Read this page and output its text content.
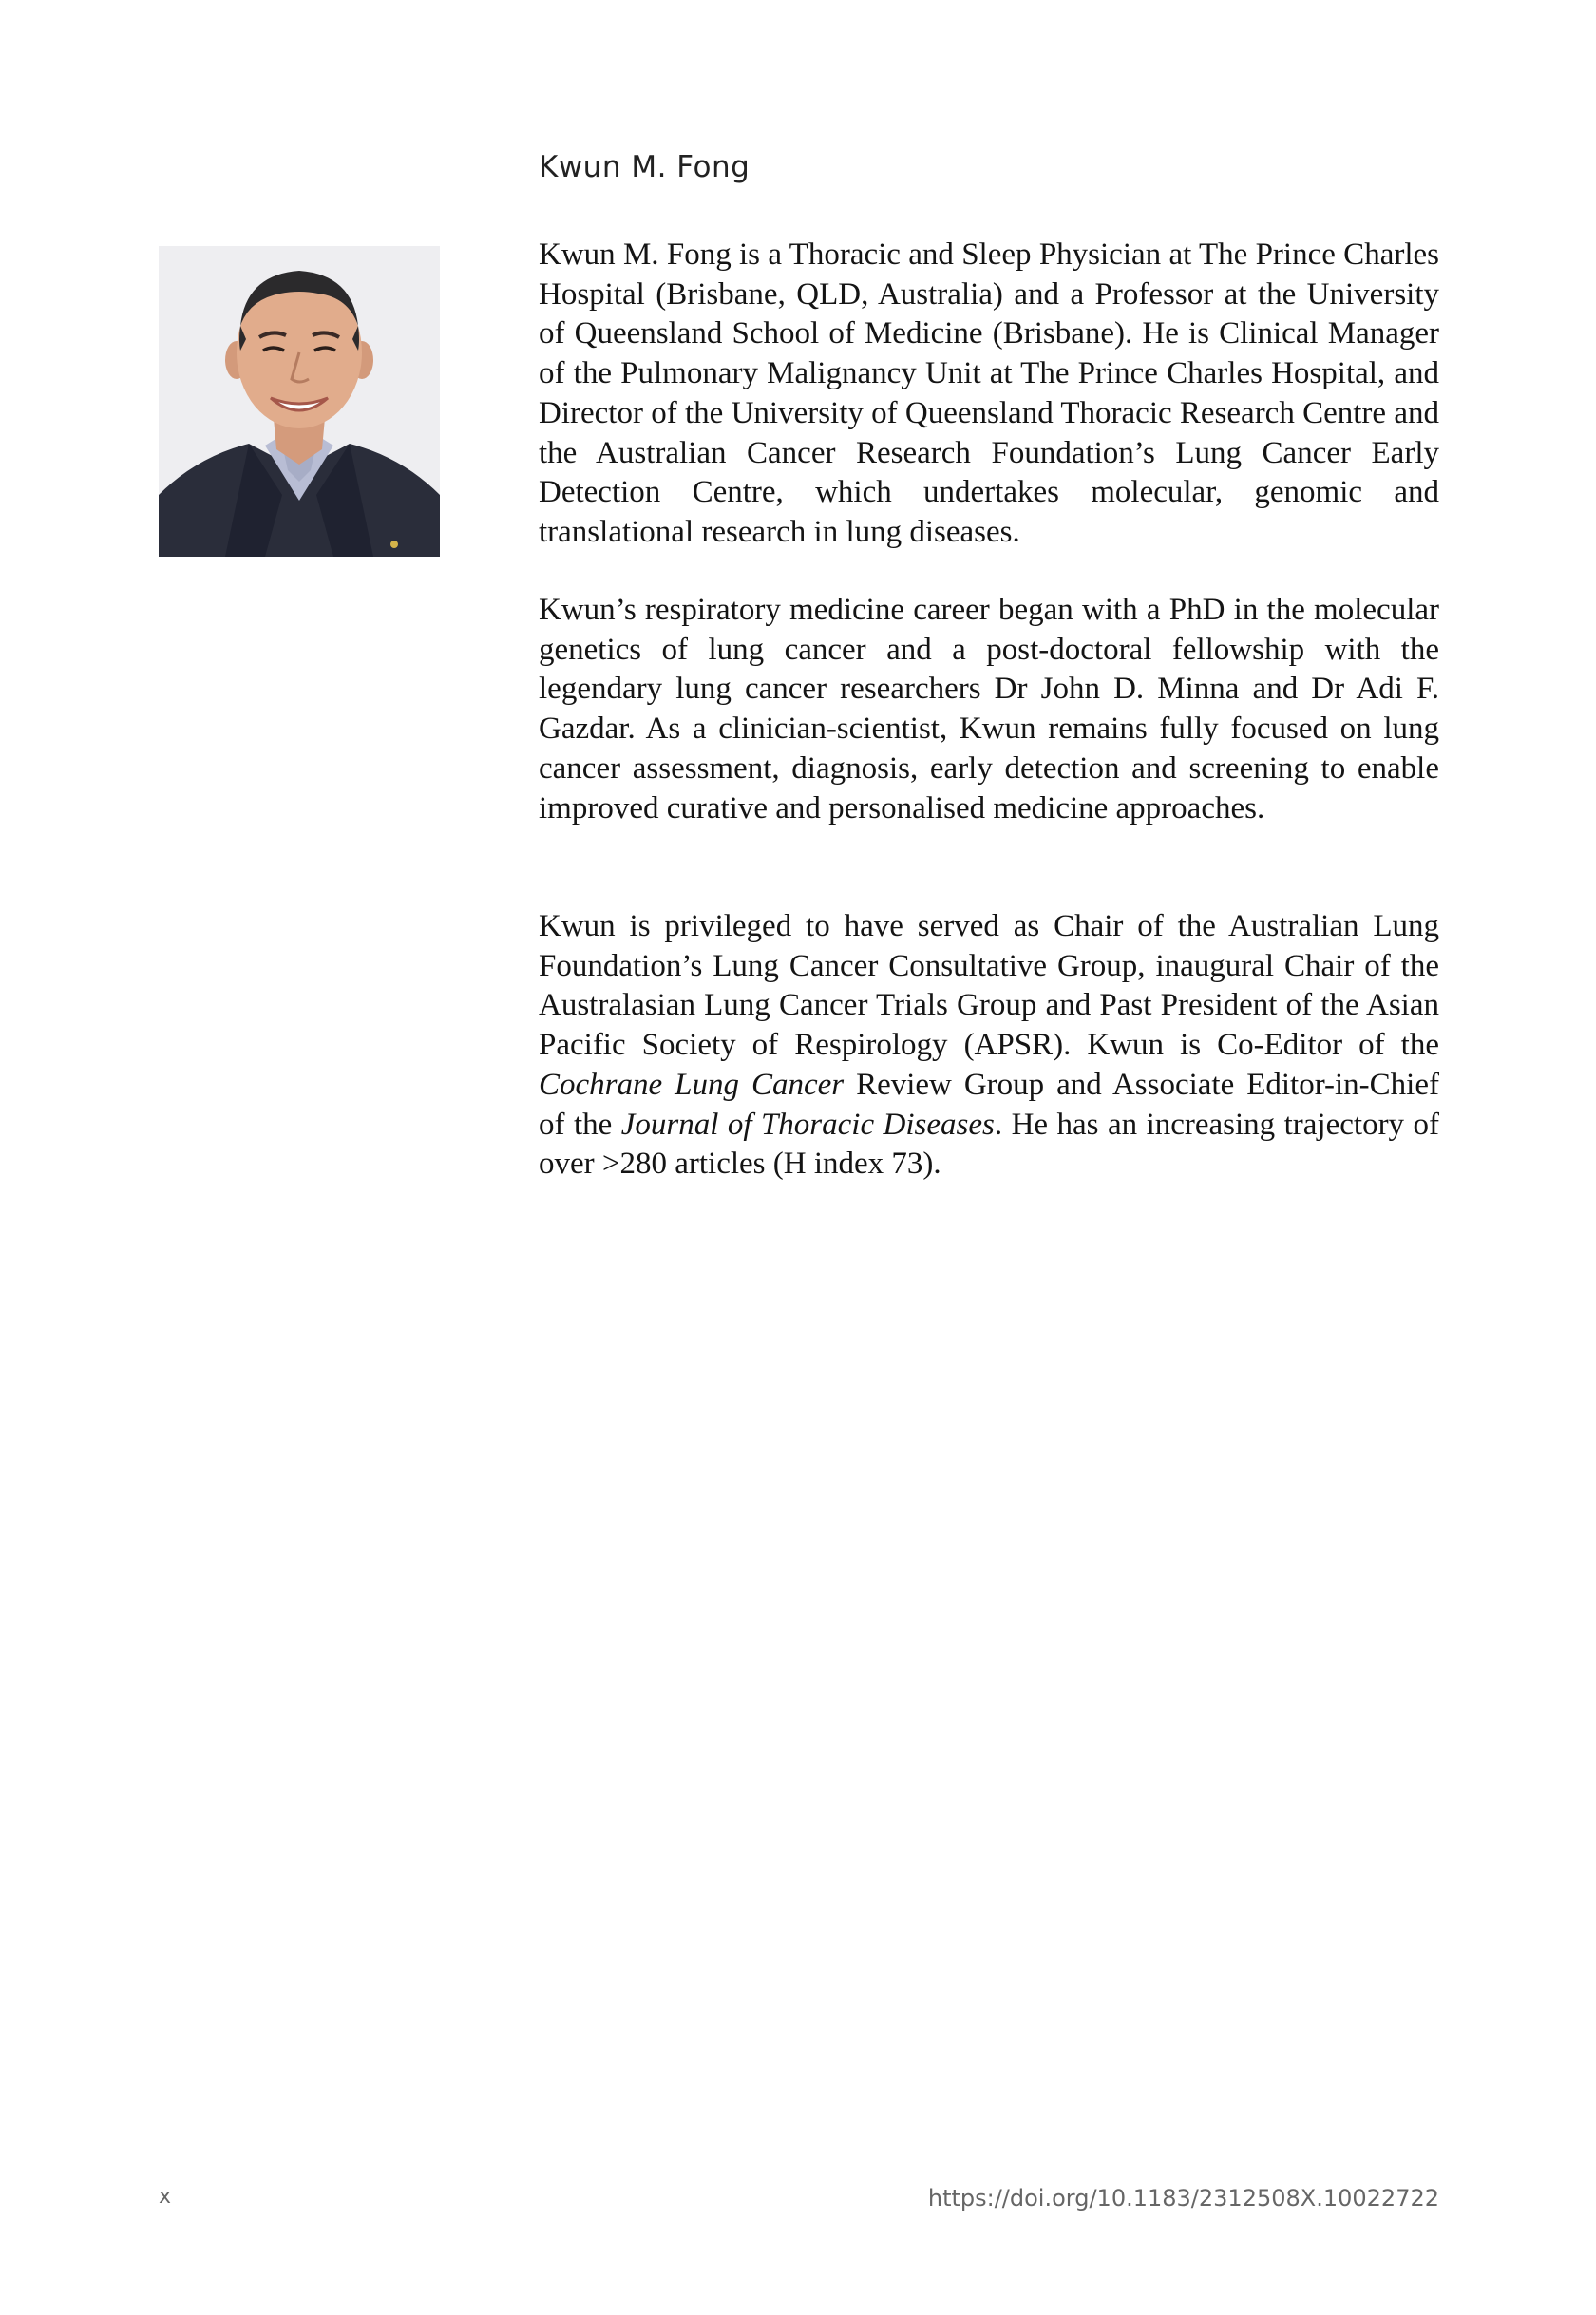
Kwun M. Fong

Kwun M. Fong is a Thoracic and Sleep Physician at The Prince Charles Hospital (Brisbane, QLD, Australia) and a Professor at the University of Queensland School of Medicine (Brisbane). He is Clinical Manager of the Pulmonary Malignancy Unit at The Prince Charles Hospital, and Director of the University of Queensland Thoracic Research Centre and the Australian Cancer Research Foundation’s Lung Cancer Early Detection Centre, which undertakes molecular, genomic and translational research in lung diseases.

Kwun’s respiratory medicine career began with a PhD in the molecular genetics of lung cancer and a post-doctoral fellowship with the legendary lung cancer researchers Dr John D. Minna and Dr Adi F. Gazdar. As a clinician-scientist, Kwun remains fully focused on lung cancer assessment, diagnosis, early detection and screening to enable improved curative and personalised medicine approaches.

Kwun is privileged to have served as Chair of the Australian Lung Foundation’s Lung Cancer Consultative Group, inaugural Chair of the Australasian Lung Cancer Trials Group and Past President of the Asian Pacific Society of Respirology (APSR). Kwun is Co-Editor of the Cochrane Lung Cancer Review Group and Associate Editor-in-Chief of the Journal of Thoracic Diseases. He has an increasing trajectory of over >280 articles (H index 73).

x	https://doi.org/10.1183/2312508X.10022722
